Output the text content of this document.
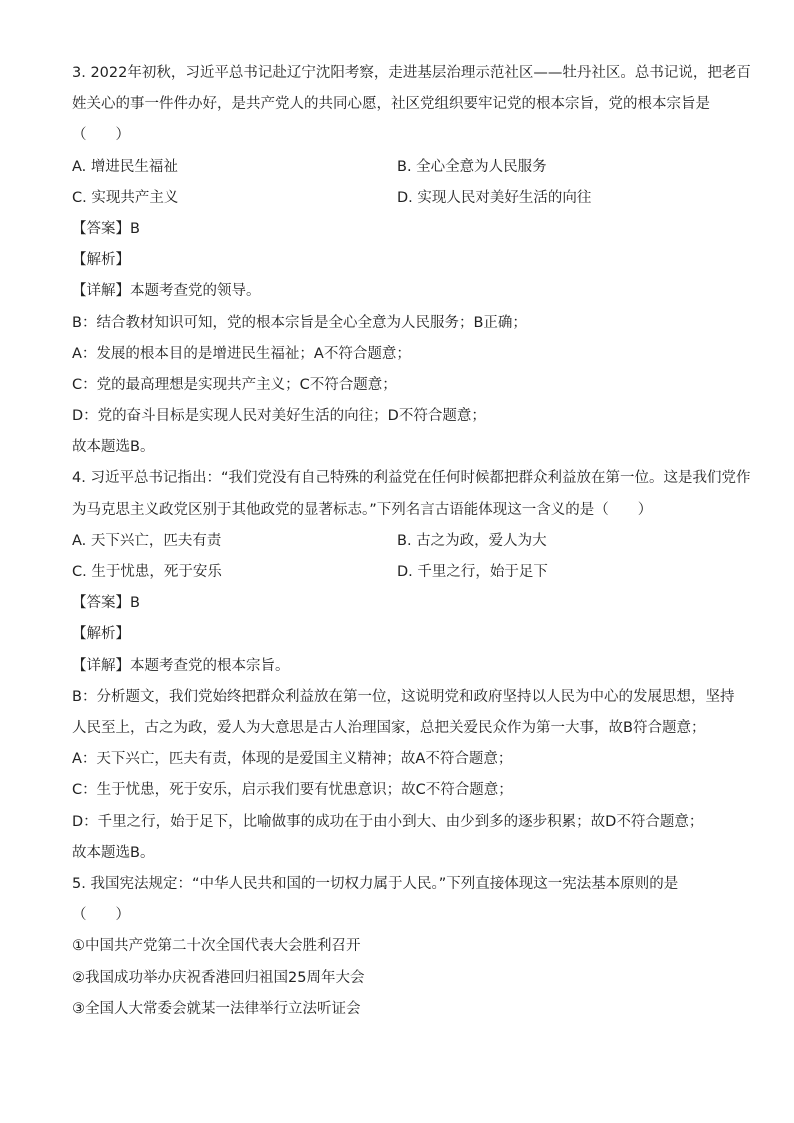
3. 2022年初秋，习近平总书记赴辽宁沈阳考察，走进基层治理示范社区——牡丹社区。总书记说，把老百
姓关心的事一件件办好，是共产党人的共同心愿，社区党组织要牢记党的根本宗旨，党的根本宗旨是
（　　）
A. 增进民生福祉	B. 全心全意为人民服务
C. 实现共产主义	D. 实现人民对美好生活的向往
【答案】B
【解析】
【详解】本题考查党的领导。
B：结合教材知识可知，党的根本宗旨是全心全意为人民服务；B正确；
A：发展的根本目的是增进民生福祉；A不符合题意；
C：党的最高理想是实现共产主义；C不符合题意；
D：党的奋斗目标是实现人民对美好生活的向往；D不符合题意；
故本题选B。
4. 习近平总书记指出：“我们党没有自己特殊的利益党在任何时候都把群众利益放在第一位。这是我们党作
为马克思主义政党区别于其他政党的显著标志。”下列名言古语能体现这一含义的是（　　）
A. 天下兴亡，匹夫有责	B. 古之为政，爱人为大
C. 生于忧患，死于安乐	D. 千里之行，始于足下
【答案】B
【解析】
【详解】本题考查党的根本宗旨。
B：分析题文，我们党始终把群众利益放在第一位，这说明党和政府坚持以人民为中心的发展思想，坚持
人民至上，古之为政，爱人为大意思是古人治理国家，总把关爱民众作为第一大事，故B符合题意；
A：天下兴亡，匹夫有责，体现的是爱国主义精神；故A不符合题意；
C：生于忧患，死于安乐，启示我们要有忧患意识；故C不符合题意；
D：千里之行，始于足下，比喻做事的成功在于由小到大、由少到多的逐步积累；故D不符合题意；
故本题选B。
5. 我国宪法规定：“中华人民共和国的一切权力属于人民。”下列直接体现这一宪法基本原则的是
（　　）
①中国共产党第二十次全国代表大会胜利召开
②我国成功举办庆祝香港回归祖国25周年大会
③全国人大常委会就某一法律举行立法听证会
